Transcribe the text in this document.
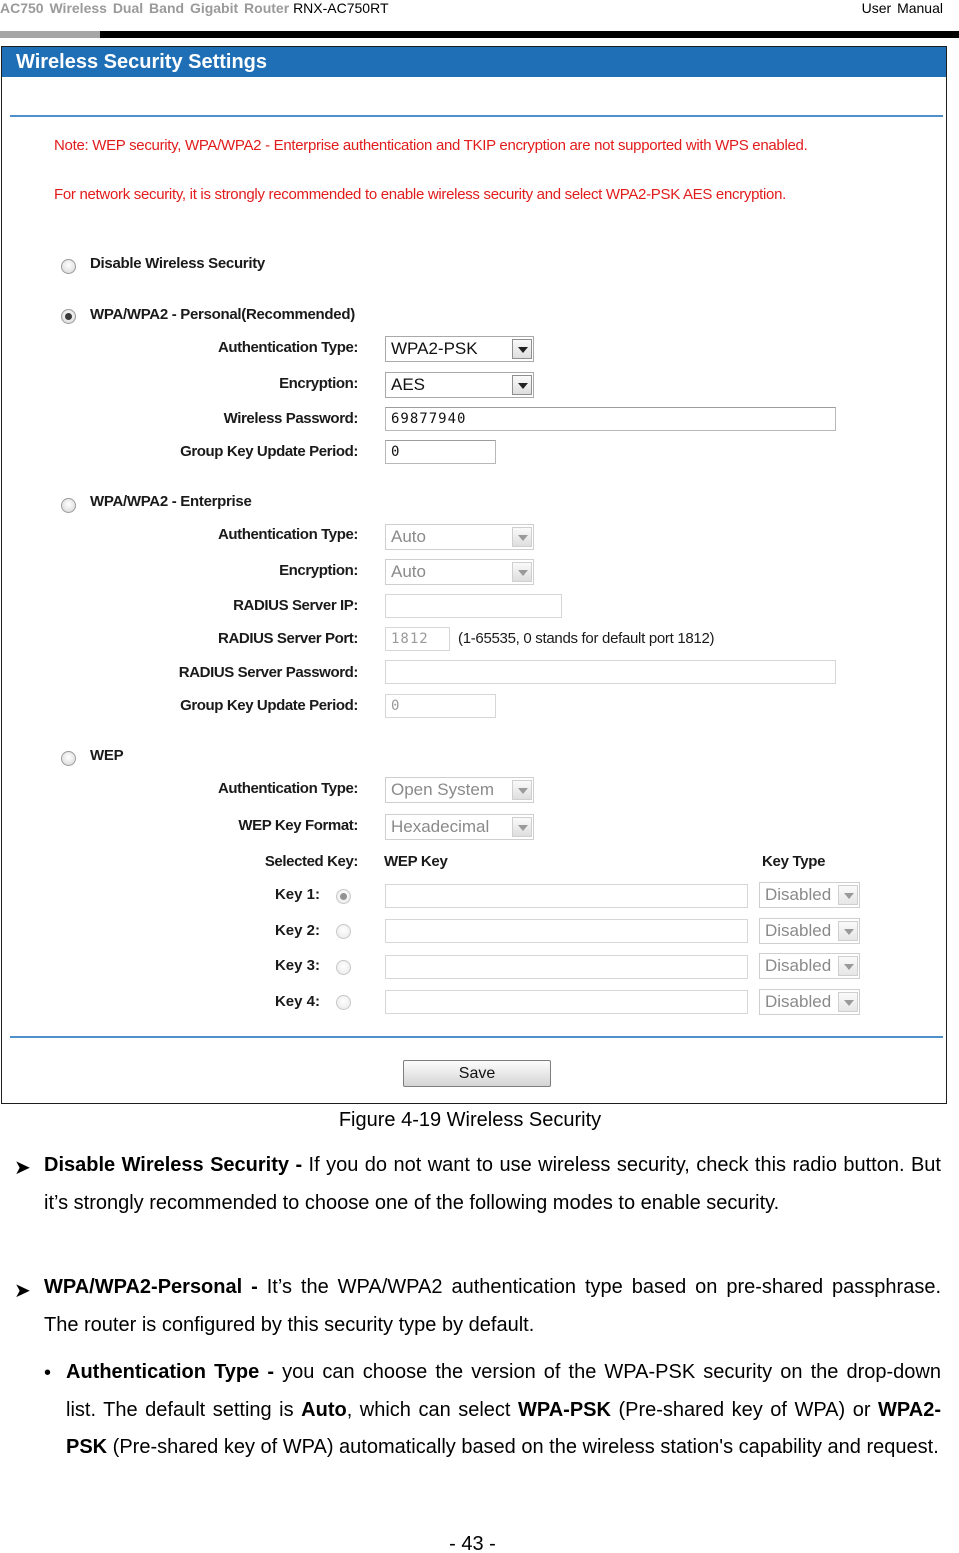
AC750 Wireless Dual Band Gigabit Router RNX-AC750RT	User Manual
Wireless Security Settings
Note: WEP security, WPA/WPA2 - Enterprise authentication and TKIP encryption are not supported with WPS enabled.
For network security, it is strongly recommended to enable wireless security and select WPA2-PSK AES encryption.
Disable Wireless Security
WPA/WPA2 - Personal(Recommended)
Authentication Type:	WPA2-PSK
Encryption:	AES
Wireless Password:	69877940
Group Key Update Period:	0
WPA/WPA2 - Enterprise
Authentication Type:	Auto
Encryption:	Auto
RADIUS Server IP:
RADIUS Server Port:	1812	(1-65535, 0 stands for default port 1812)
RADIUS Server Password:
Group Key Update Period:	0
WEP
Authentication Type:	Open System
WEP Key Format:	Hexadecimal
Selected Key: WEP Key	Key Type
Key 1:	Disabled
Key 2:	Disabled
Key 3:	Disabled
Key 4:	Disabled
Save
Figure 4-19 Wireless Security
➤ Disable Wireless Security - If you do not want to use wireless security, check this radio button. But it’s strongly recommended to choose one of the following modes to enable security.
➤ WPA/WPA2-Personal - It’s the WPA/WPA2 authentication type based on pre-shared passphrase. The router is configured by this security type by default.
• Authentication Type - you can choose the version of the WPA-PSK security on the drop-down list. The default setting is Auto, which can select WPA-PSK (Pre-shared key of WPA) or WPA2-PSK (Pre-shared key of WPA) automatically based on the wireless station's capability and request.
- 43 -
